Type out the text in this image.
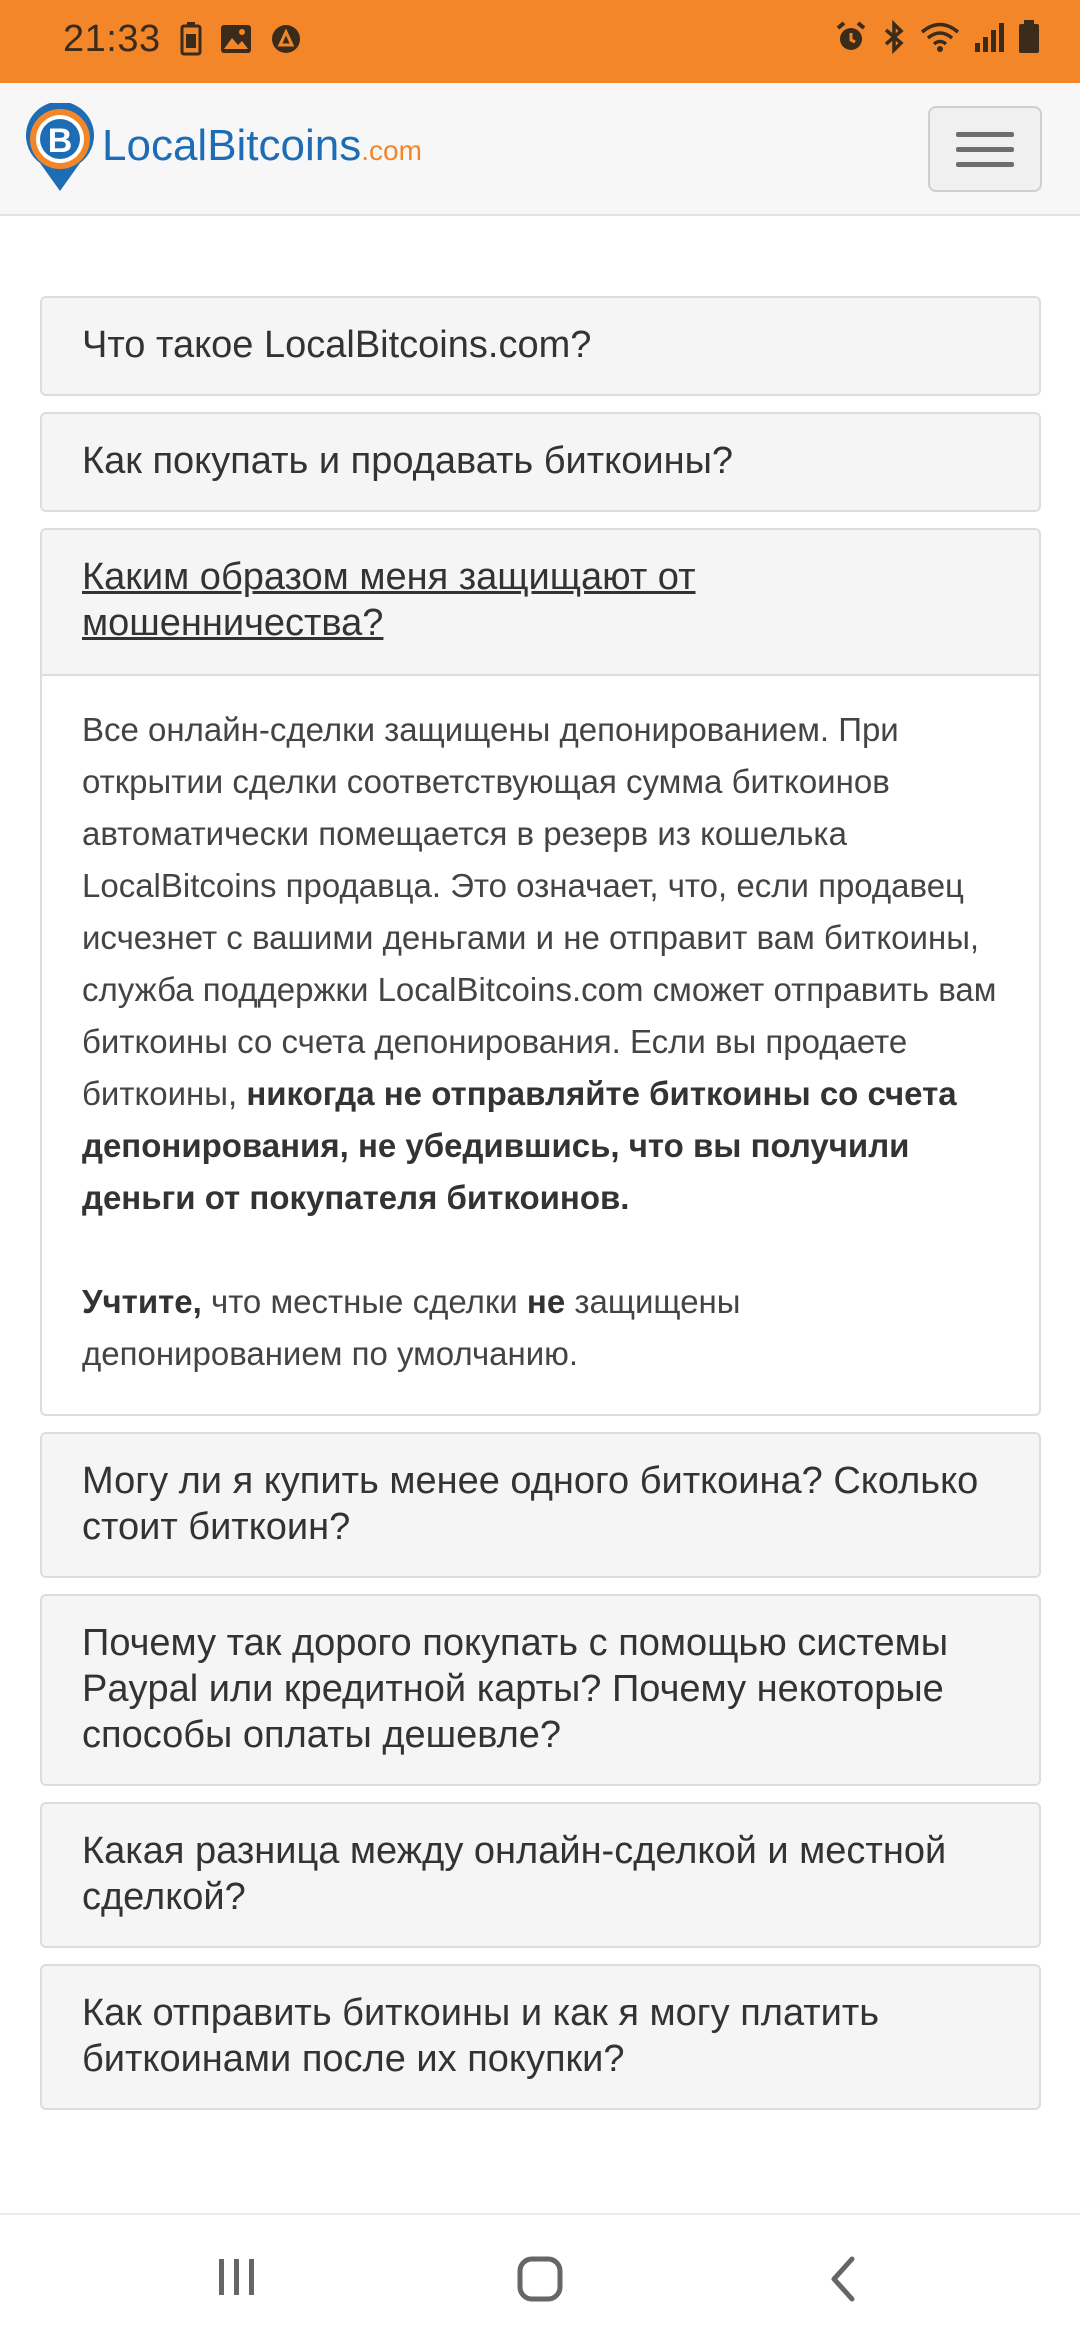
21:33
B LocalBitcoins.com
Что такое LocalBitcoins.com?
Как покупать и продавать биткоины?
Каким образом меня защищают от мошенничества?

Все онлайн-сделки защищены депонированием. При открытии сделки соответствующая сумма биткоинов автоматически помещается в резерв из кошелька LocalBitcoins продавца. Это означает, что, если продавец исчезнет с вашими деньгами и не отправит вам биткоины, служба поддержки LocalBitcoins.com сможет отправить вам биткоины со счета депонирования. Если вы продаете биткоины, никогда не отправляйте биткоины со счета депонирования, не убедившись, что вы получили деньги от покупателя биткоинов.

Учтите, что местные сделки не защищены депонированием по умолчанию.

Могу ли я купить менее одного биткоина? Сколько стоит биткоин?
Почему так дорого покупать с помощью системы Paypal или кредитной карты? Почему некоторые способы оплаты дешевле?
Какая разница между онлайн-сделкой и местной сделкой?
Как отправить биткоины и как я могу платить биткоинами после их покупки?
